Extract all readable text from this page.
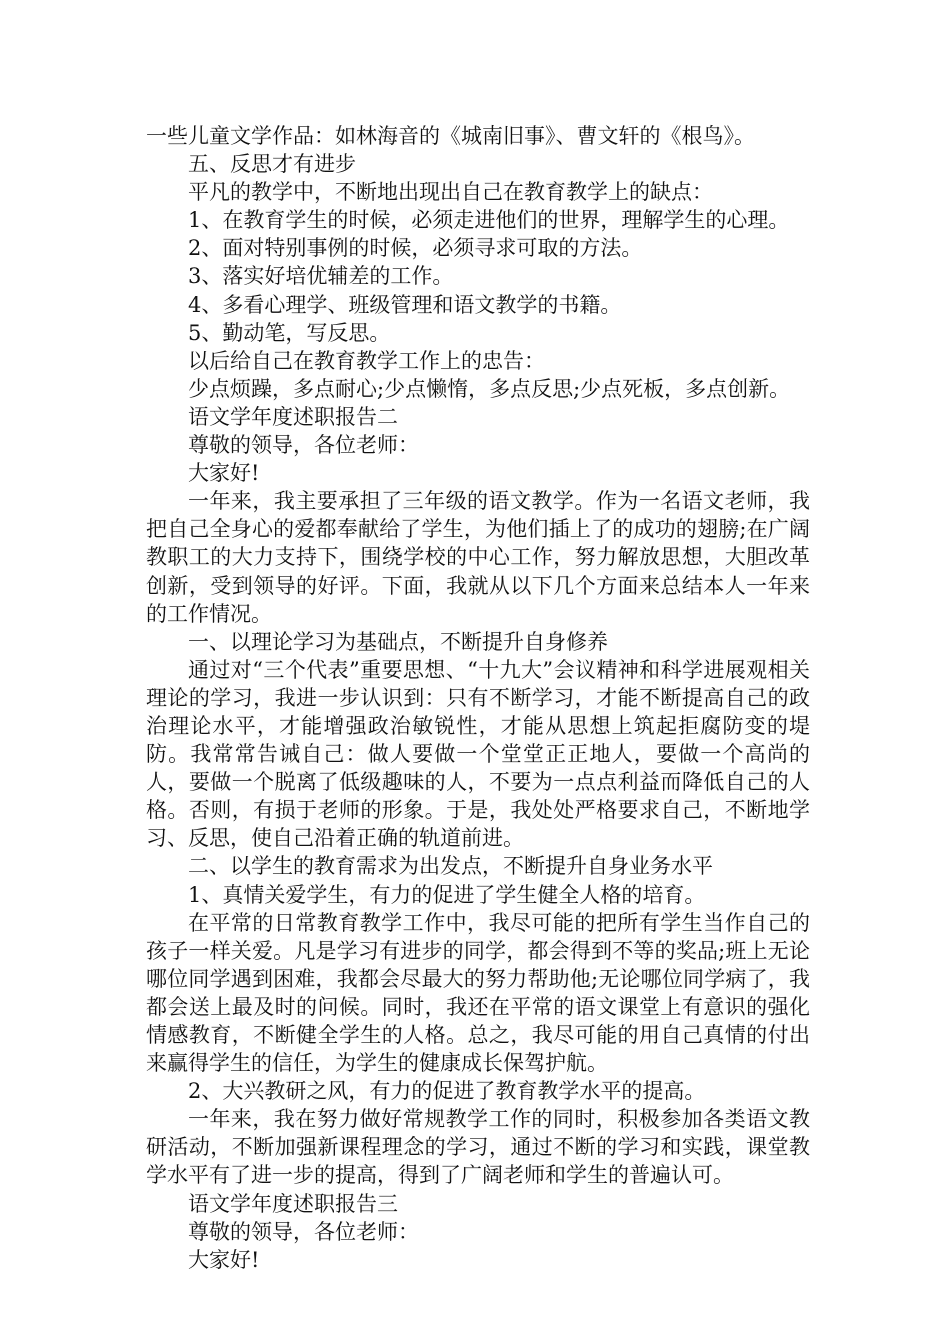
一些儿童文学作品：如林海音的《城南旧事》、曹文轩的《根鸟》。

五、反思才有进步

平凡的教学中，不断地出现出自己在教育教学上的缺点：

1、在教育学生的时候，必须走进他们的世界，理解学生的心理。

2、面对特别事例的时候，必须寻求可取的方法。

3、落实好培优辅差的工作。

4、多看心理学、班级管理和语文教学的书籍。

5、勤动笔，写反思。

以后给自己在教育教学工作上的忠告：

少点烦躁，多点耐心;少点懒惰，多点反思;少点死板，多点创新。

语文学年度述职报告二

尊敬的领导，各位老师：

大家好!

一年来，我主要承担了三年级的语文教学。作为一名语文老师，我把自己全身心的爱都奉献给了学生，为他们插上了的成功的翅膀;在广阔教职工的大力支持下，围绕学校的中心工作，努力解放思想，大胆改革创新，受到领导的好评。下面，我就从以下几个方面来总结本人一年来的工作情况。

一、以理论学习为基础点，不断提升自身修养

通过对“三个代表”重要思想、“十九大”会议精神和科学进展观相关理论的学习，我进一步认识到：只有不断学习，才能不断提高自己的政治理论水平，才能增强政治敏锐性，才能从思想上筑起拒腐防变的堤防。我常常告诫自己：做人要做一个堂堂正正地人，要做一个高尚的人，要做一个脱离了低级趣味的人，不要为一点点利益而降低自己的人格。否则，有损于老师的形象。于是，我处处严格要求自己，不断地学习、反思，使自己沿着正确的轨道前进。

二、以学生的教育需求为出发点，不断提升自身业务水平

1、真情关爱学生，有力的促进了学生健全人格的培育。

在平常的日常教育教学工作中，我尽可能的把所有学生当作自己的孩子一样关爱。凡是学习有进步的同学，都会得到不等的奖品;班上无论哪位同学遇到困难，我都会尽最大的努力帮助他;无论哪位同学病了，我都会送上最及时的问候。同时，我还在平常的语文课堂上有意识的强化情感教育，不断健全学生的人格。总之，我尽可能的用自己真情的付出来赢得学生的信任，为学生的健康成长保驾护航。

2、大兴教研之风，有力的促进了教育教学水平的提高。

一年来，我在努力做好常规教学工作的同时，积极参加各类语文教研活动，不断加强新课程理念的学习，通过不断的学习和实践，课堂教学水平有了进一步的提高，得到了广阔老师和学生的普遍认可。

语文学年度述职报告三

尊敬的领导，各位老师：

大家好!
